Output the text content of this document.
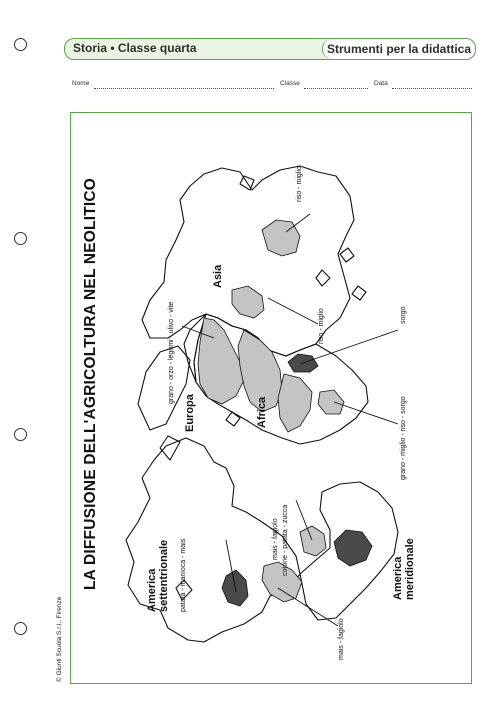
Storia • Classe quarta	Strumenti per la didattica
Nome	Classe	Data
LA DIFFUSIONE DELL'AGRICOLTURA NEL NEOLITICO
© Giunti Scuola S.r.l., Firenze
America settentrionale	America meridionale
Europa	Africa
Asia
patata - manioca - mais
mais - fagiolo
mais - fagiolo cotone - patata - zucca
grano - orzo - legumi - ulivo - vite
riso - miglio
riso - miglio
grano - miglio - riso - sorgo
sorgo
